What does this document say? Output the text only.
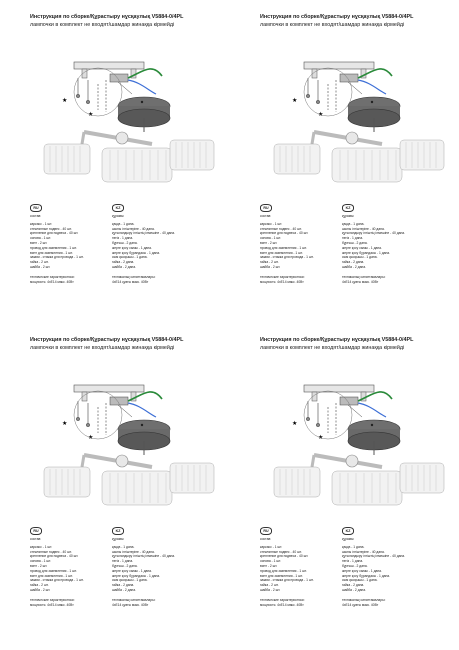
Инструкция по сборке/Құрастыру нұсқаулық V5884-0/4PL
лампочки в комплект не входят/шамдар жинаққа кірмейді
★
★
RU
состав:
каркасс - 1 шт.
стеклянные подвес - 40 шт.
крепление для подвеса - 40 шт.
основа - 1 шт.
винт - 2 шт.
провод для заземления - 1 шт.
винт для заземления - 1 шт.
зажим - стяжка для провода - 1 шт.
гайка - 2 шт.
шайба - 2 шт.
технические характеристики:
мощность: 4xE14 макс. 40Вт
KZ
құрамы:
қаңқа - 1 дана.
шыны ілгіштеріне - 40 дана.
құтыландыру ілгіштің ілмешіне - 40 дана.
негіз - 1 дана.
бұрғыш - 2 дана.
жерге қосу сымы - 1 дана.
жерге қосу бұрандасы - 1 дана.
сым қысқышы - 1 дана.
гайка - 2 дана.
шайба - 2 дана.
техникалық сипаттамалары:
4xE14 қуаты макс. 40Вт
Инструкция по сборке/Құрастыру нұсқаулық V5884-0/4PL
лампочки в комплект не входят/шамдар жинаққа кірмейді
★
★
RU
состав:
каркасс - 1 шт.
стеклянные подвес - 40 шт.
крепление для подвеса - 40 шт.
основа - 1 шт.
винт - 2 шт.
провод для заземления - 1 шт.
винт для заземления - 1 шт.
зажим - стяжка для провода - 1 шт.
гайка - 2 шт.
шайба - 2 шт.
технические характеристики:
мощность: 4xE14 макс. 40Вт
KZ
құрамы:
қаңқа - 1 дана.
шыны ілгіштеріне - 40 дана.
құтыландыру ілгіштің ілмешіне - 40 дана.
негіз - 1 дана.
бұрғыш - 2 дана.
жерге қосу сымы - 1 дана.
жерге қосу бұрандасы - 1 дана.
сым қысқышы - 1 дана.
гайка - 2 дана.
шайба - 2 дана.
техникалық сипаттамалары:
4xE14 қуаты макс. 40Вт
Инструкция по сборке/Құрастыру нұсқаулық V5884-0/4PL
лампочки в комплект не входят/шамдар жинаққа кірмейді
★
★
RU
состав:
каркасс - 1 шт.
стеклянные подвес - 40 шт.
крепление для подвеса - 40 шт.
основа - 1 шт.
винт - 2 шт.
провод для заземления - 1 шт.
винт для заземления - 1 шт.
зажим - стяжка для провода - 1 шт.
гайка - 2 шт.
шайба - 2 шт.
технические характеристики:
мощность: 4xE14 макс. 40Вт
KZ
құрамы:
қаңқа - 1 дана.
шыны ілгіштеріне - 40 дана.
құтыландыру ілгіштің ілмешіне - 40 дана.
негіз - 1 дана.
бұрғыш - 2 дана.
жерге қосу сымы - 1 дана.
жерге қосу бұрандасы - 1 дана.
сым қысқышы - 1 дана.
гайка - 2 дана.
шайба - 2 дана.
техникалық сипаттамалары:
4xE14 қуаты макс. 40Вт
Инструкция по сборке/Құрастыру нұсқаулық V5884-0/4PL
лампочки в комплект не входят/шамдар жинаққа кірмейді
★
★
RU
состав:
каркасс - 1 шт.
стеклянные подвес - 40 шт.
крепление для подвеса - 40 шт.
основа - 1 шт.
винт - 2 шт.
провод для заземления - 1 шт.
винт для заземления - 1 шт.
зажим - стяжка для провода - 1 шт.
гайка - 2 шт.
шайба - 2 шт.
технические характеристики:
мощность: 4xE14 макс. 40Вт
KZ
құрамы:
қаңқа - 1 дана.
шыны ілгіштеріне - 40 дана.
құтыландыру ілгіштің ілмешіне - 40 дана.
негіз - 1 дана.
бұрғыш - 2 дана.
жерге қосу сымы - 1 дана.
жерге қосу бұрандасы - 1 дана.
сым қысқышы - 1 дана.
гайка - 2 дана.
шайба - 2 дана.
техникалық сипаттамалары:
4xE14 қуаты макс. 40Вт
